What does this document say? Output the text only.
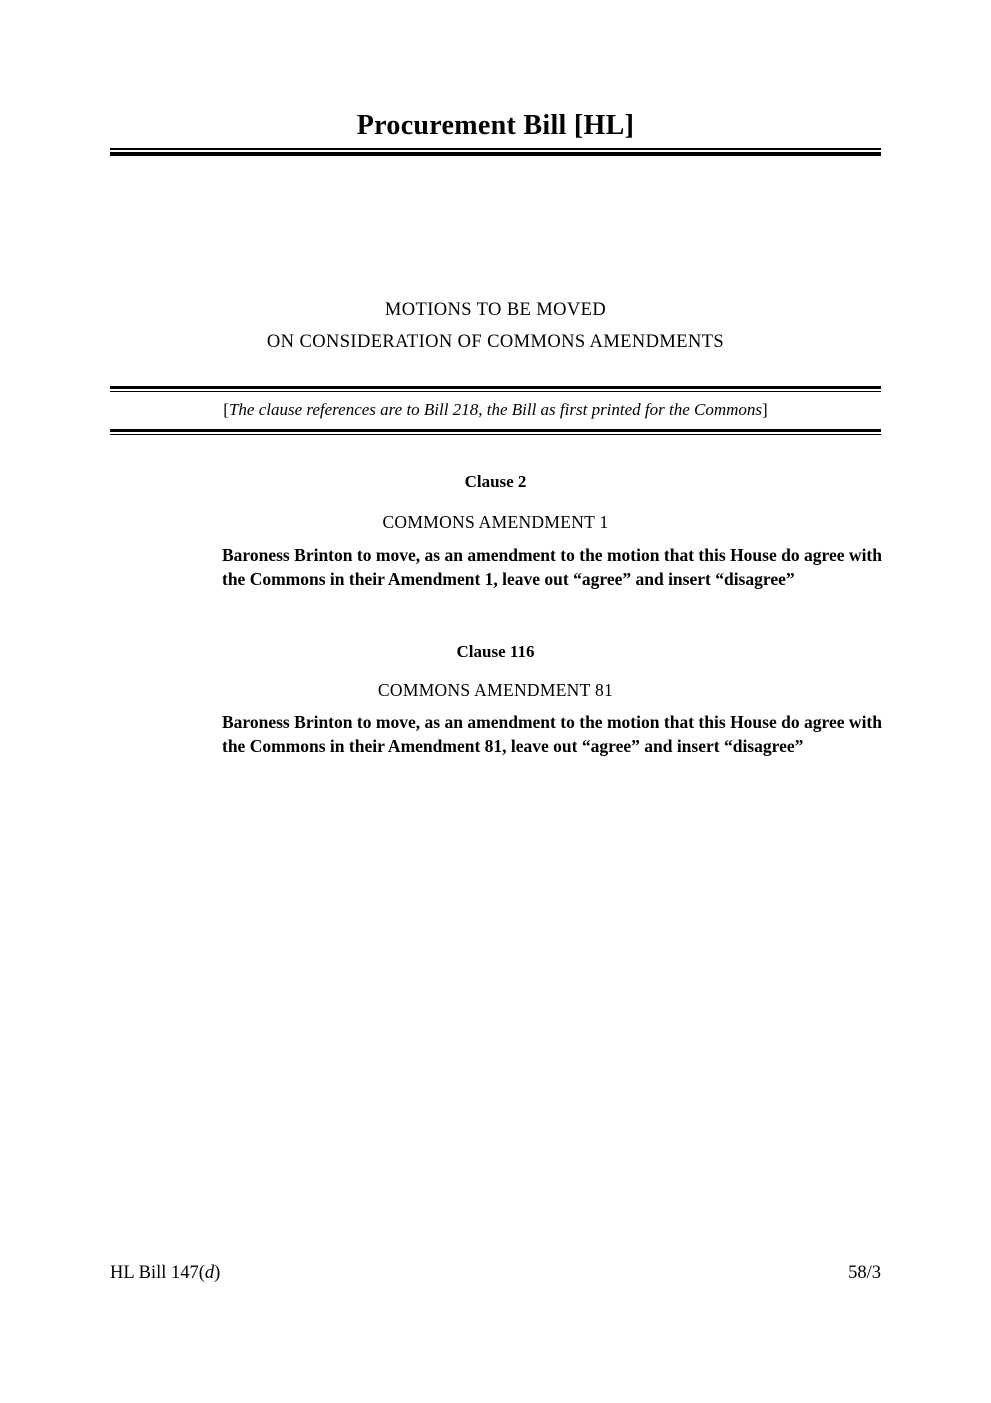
Procurement Bill [HL]
MOTIONS TO BE MOVED
ON CONSIDERATION OF COMMONS AMENDMENTS
[The clause references are to Bill 218, the Bill as first printed for the Commons]
Clause 2
COMMONS AMENDMENT 1
Baroness Brinton to move, as an amendment to the motion that this House do agree with the Commons in their Amendment 1, leave out “agree” and insert “disagree”
Clause 116
COMMONS AMENDMENT 81
Baroness Brinton to move, as an amendment to the motion that this House do agree with the Commons in their Amendment 81, leave out “agree” and insert “disagree”
HL Bill 147(d)	58/3
